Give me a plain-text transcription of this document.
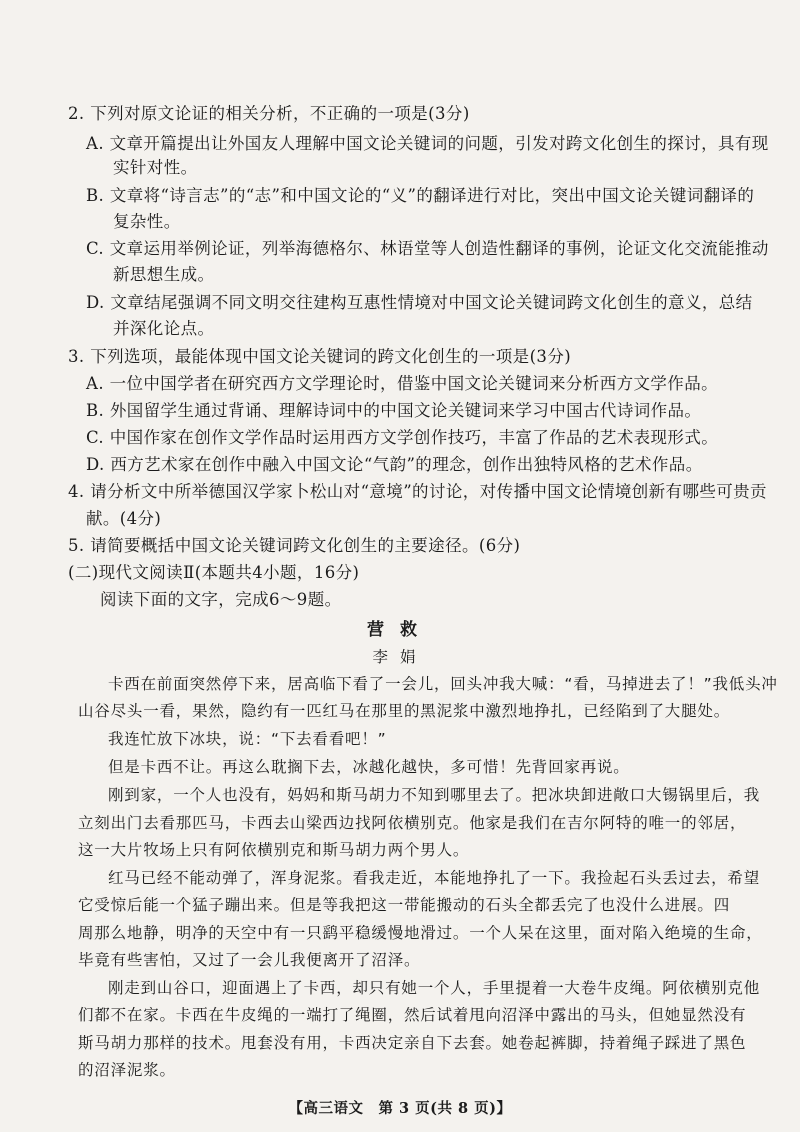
2. 下列对原文论证的相关分析，不正确的一项是(3分)
A. 文章开篇提出让外国友人理解中国文论关键词的问题，引发对跨文化创生的探讨，具有现
实针对性。
B. 文章将“诗言志”的“志”和中国文论的“义”的翻译进行对比，突出中国文论关键词翻译的
复杂性。
C. 文章运用举例论证，列举海德格尔、林语堂等人创造性翻译的事例，论证文化交流能推动
新思想生成。
D. 文章结尾强调不同文明交往建构互惠性情境对中国文论关键词跨文化创生的意义，总结
并深化论点。
3. 下列选项，最能体现中国文论关键词的跨文化创生的一项是(3分)
A. 一位中国学者在研究西方文学理论时，借鉴中国文论关键词来分析西方文学作品。
B. 外国留学生通过背诵、理解诗词中的中国文论关键词来学习中国古代诗词作品。
C. 中国作家在创作文学作品时运用西方文学创作技巧，丰富了作品的艺术表现形式。
D. 西方艺术家在创作中融入中国文论“气韵”的理念，创作出独特风格的艺术作品。
4. 请分析文中所举德国汉学家卜松山对“意境”的讨论，对传播中国文论情境创新有哪些可贵贡
献。(4分)
5. 请简要概括中国文论关键词跨文化创生的主要途径。(6分)
(二)现代文阅读Ⅱ(本题共4小题，16分)
阅读下面的文字，完成6～9题。
营救
李娟
卡西在前面突然停下来，居高临下看了一会儿，回头冲我大喊：“看，马掉进去了！”我低头冲
山谷尽头一看，果然，隐约有一匹红马在那里的黑泥浆中激烈地挣扎，已经陷到了大腿处。
我连忙放下冰块，说：“下去看看吧！”
但是卡西不让。再这么耽搁下去，冰越化越快，多可惜！先背回家再说。
刚到家，一个人也没有，妈妈和斯马胡力不知到哪里去了。把冰块卸进敞口大锡锅里后，我
立刻出门去看那匹马，卡西去山梁西边找阿依横别克。他家是我们在吉尔阿特的唯一的邻居，
这一大片牧场上只有阿依横别克和斯马胡力两个男人。
红马已经不能动弹了，浑身泥浆。看我走近，本能地挣扎了一下。我捡起石头丢过去，希望
它受惊后能一个猛子蹦出来。但是等我把这一带能搬动的石头全都丢完了也没什么进展。四
周那么地静，明净的天空中有一只鹞平稳缓慢地滑过。一个人呆在这里，面对陷入绝境的生命，
毕竟有些害怕，又过了一会儿我便离开了沼泽。
刚走到山谷口，迎面遇上了卡西，却只有她一个人，手里提着一大卷牛皮绳。阿依横别克他
们都不在家。卡西在牛皮绳的一端打了绳圈，然后试着甩向沼泽中露出的马头，但她显然没有
斯马胡力那样的技术。甩套没有用，卡西决定亲自下去套。她卷起裤脚，持着绳子踩进了黑色
的沼泽泥浆。
【高三语文　第 3 页(共 8 页)】
